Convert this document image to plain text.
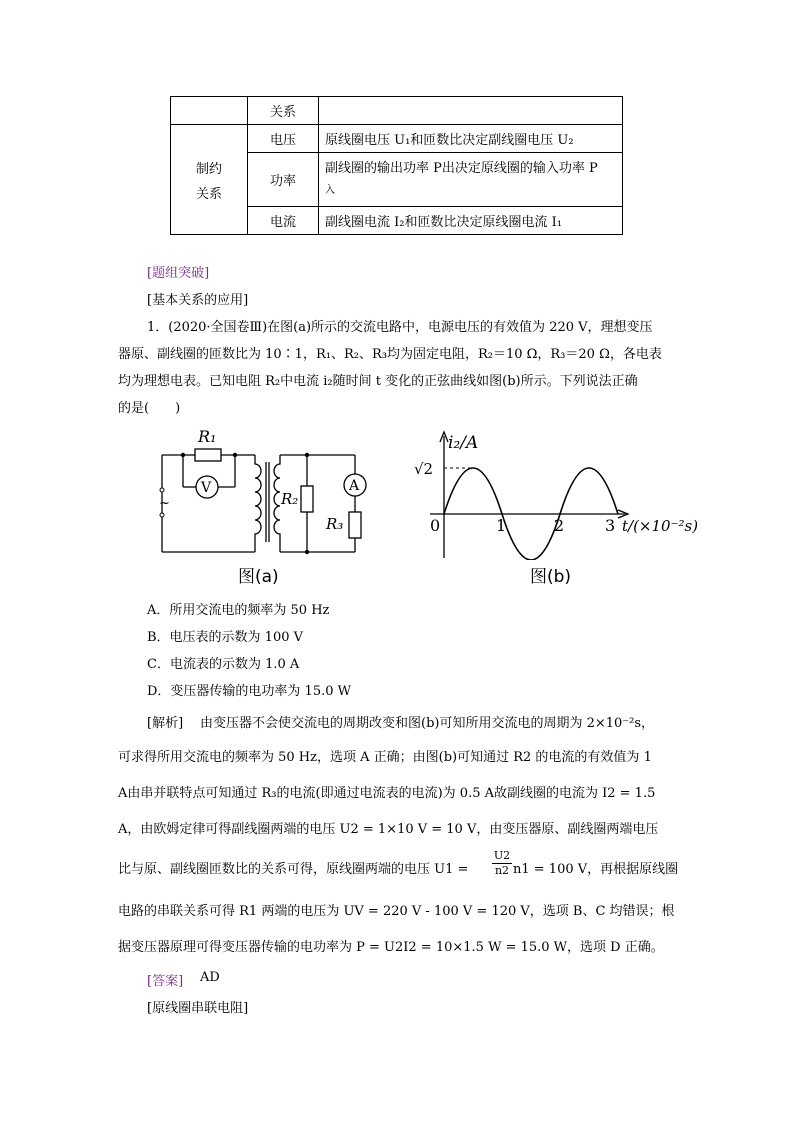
	关系	

制约
关系	电压	原线圈电压 U₁和匝数比决定副线圈电压 U₂
	功率	副线圈的输出功率 P出决定原线圈的输入功率 P
入

	电流	副线圈电流 I₂和匝数比决定原线圈电流 I₁
[题组突破]
[基本关系的应用]
1．(2020·全国卷Ⅲ)在图(a)所示的交流电路中，电源电压的有效值为 220 V，理想变压
器原、副线圈的匝数比为 10∶1，R₁、R₂、R₃均为固定电阻，R₂＝10 Ω，R₃＝20 Ω，各电表
均为理想电表。已知电阻 R₂中电流 i₂随时间 t 变化的正弦曲线如图(b)所示。下列说法正确
的是(　　)
~
R₁
V
R₂
A
R₃
图(a)
i₂/A
√2
0	1	2	3 t/(×10⁻²s)
图(b)
A．所用交流电的频率为 50 Hz
B．电压表的示数为 100 V
C．电流表的示数为 1.0 A
D．变压器传输的电功率为 15.0 W
[解析] 由变压器不会使交流电的周期改变和图(b)可知所用交流电的周期为 2×10⁻²s，
可求得所用交流电的频率为 50 Hz，选项 A 正确；由图(b)可知通过 R2 的电流的有效值为 1
A由串并联特点可知通过 R₃的电流(即通过电流表的电流)为 0.5 A故副线圈的电流为 I2 = 1.5
A，由欧姆定律可得副线圈两端的电压 U2 = 1×10 V = 10 V，由变压器原、副线圈两端电压
比与原、副线圈匝数比的关系可得，原线圈两端的电压 $U1 = \frac{U2}{n2} n1 = 100$ V，再根据原线圈
电路的串联关系可得 R1 两端的电压为 UV = 220 V - 100 V = 120 V，选项 B、C 均错误；根
据变压器原理可得变压器传输的电功率为 P = U2I2 = 10×1.5 W = 15.0 W，选项 D 正确。
[答案] AD
[原线圈串联电阻]
